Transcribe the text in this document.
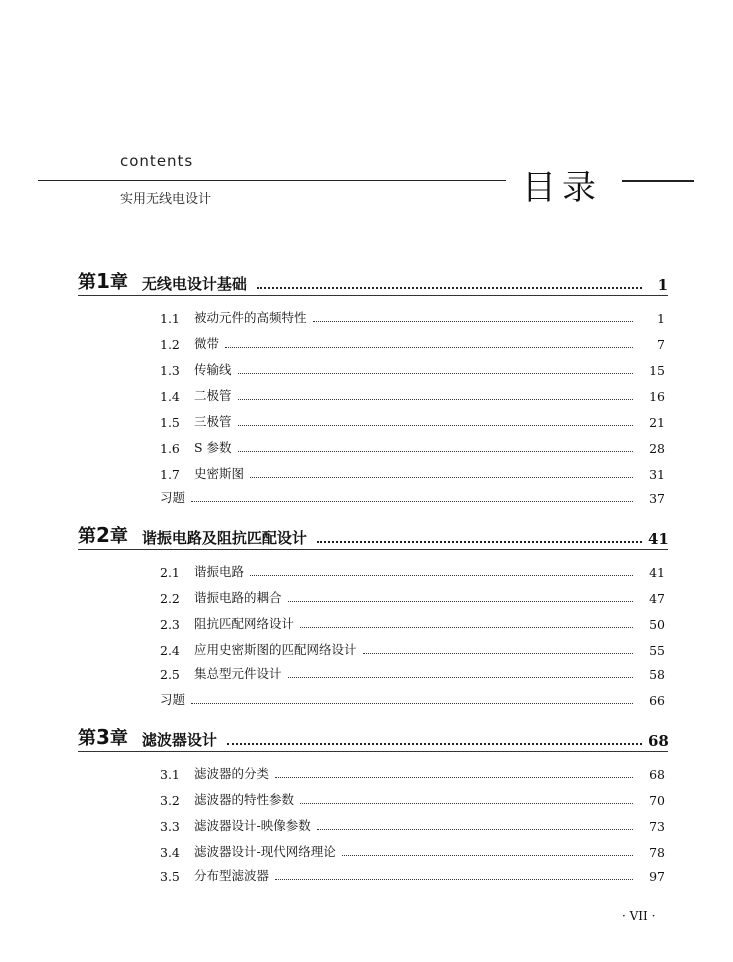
contents
实用无线电设计	目录
第1章 无线电设计基础	1
1.1	被动元件的高频特性	1
1.2	微带	7
1.3	传输线	15
1.4	二极管	16
1.5	三极管	21
1.6	S 参数	28
1.7	史密斯图	31
习题	37
第2章 谐振电路及阻抗匹配设计	41
2.1	谐振电路	41
2.2	谐振电路的耦合	47
2.3	阻抗匹配网络设计	50
2.4	应用史密斯图的匹配网络设计	55
2.5	集总型元件设计	58
习题	66
第3章 滤波器设计	68
3.1	滤波器的分类	68
3.2	滤波器的特性参数	70
3.3	滤波器设计-映像参数	73
3.4	滤波器设计-现代网络理论	78
3.5	分布型滤波器	97
· VII ·
